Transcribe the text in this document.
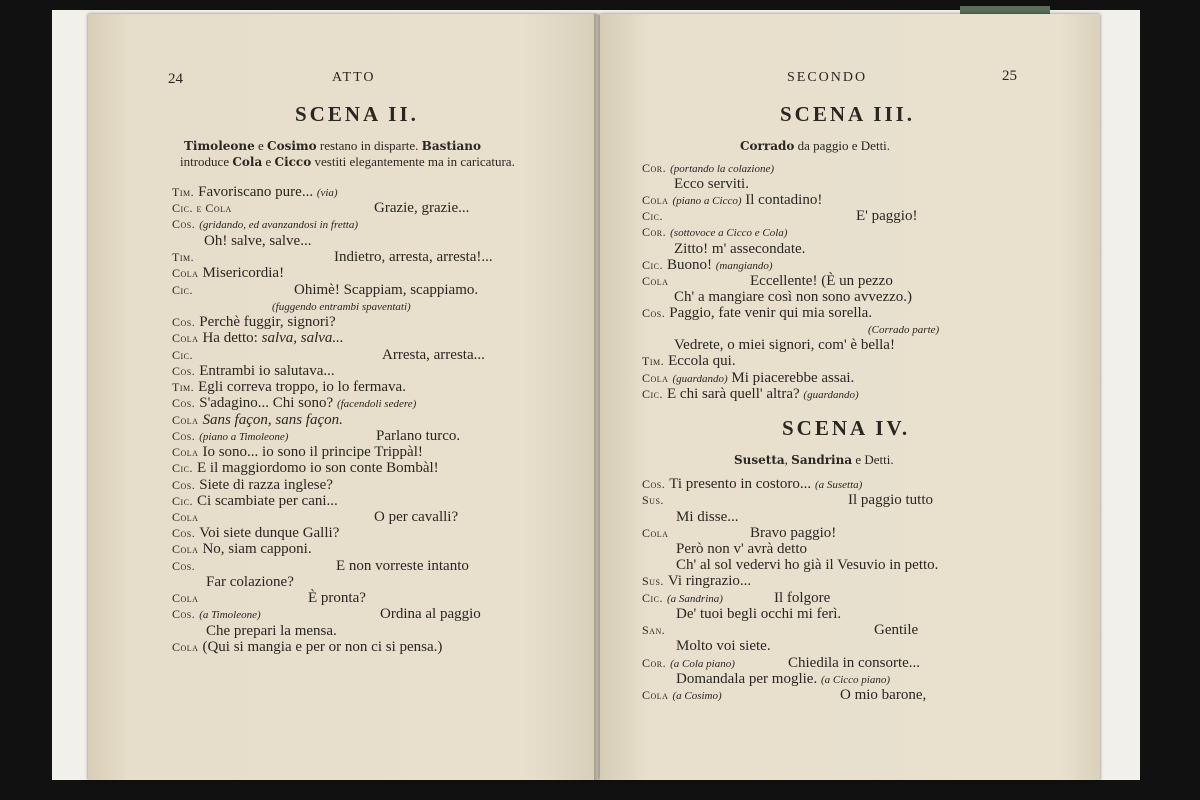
24	ATTO
SCENA II.
Timoleone e Cosimo restano in disparte. Bastiano
introduce Cola e Cicco vestiti elegantemente ma in caricatura.
Tim. Favoriscano pure... (via)
Cic. e Cola	Grazie, grazie...
Cos. (gridando, ed avanzandosi in fretta)
Oh! salve, salve...
Tim.	Indietro, arresta, arresta!...
Cola Misericordia!
Cic.	Ohimè! Scappiam, scappiamo.
(fuggendo entrambi spaventati)
Cos. Perchè fuggir, signori?
Cola Ha detto: salva, salva...
Cic.	Arresta, arresta...
Cos. Entrambi io salutava...
Tim. Egli correva troppo, io lo fermava.
Cos. S'adagino... Chi sono? (facendoli sedere)
Cola Sans façon, sans façon.
Cos. (piano a Timoleone)	Parlano turco.
Cola Io sono... io sono il principe Trippàl!
Cic. E il maggiordomo io son conte Bombàl!
Cos. Siete di razza inglese?
Cic. Ci scambiate per cani...
Cola	O per cavalli?
Cos. Voi siete dunque Galli?
Cola No, siam capponi.
Cos.	E non vorreste intanto
Far colazione?
Cola	È pronta?
Cos. (a Timoleone)	Ordina al paggio
Che prepari la mensa.
Cola (Qui si mangia e per or non ci si pensa.)
SECONDO	25
SCENA III.
Corrado da paggio e Detti.
Cor. (portando la colazione)
Ecco serviti.
Cola (piano a Cicco) Il contadino!
Cic.	E' paggio!
Cor. (sottovoce a Cicco e Cola)
Zitto! m' assecondate.
Cic. Buono! (mangiando)
Cola	Eccellente! (È un pezzo
Ch' a mangiare così non sono avvezzo.)
Cos. Paggio, fate venir qui mia sorella.
(Corrado parte)
Vedrete, o miei signori, com' è bella!
Tim. Eccola qui.
Cola (guardando) Mi piacerebbe assai.
Cic. E chi sarà quell' altra? (guardando)
SCENA IV.
Susetta, Sandrina e Detti.
Cos. Ti presento in costoro... (a Susetta)
Sus.	Il paggio tutto
Mi disse...
Cola	Bravo paggio!
Però non v' avrà detto
Ch' al sol vedervi ho già il Vesuvio in petto.
Sus. Vi ringrazio...
Cic. (a Sandrina)	Il folgore
De' tuoi begli occhi mi ferì.
San.	Gentile
Molto voi siete.
Cor. (a Cola piano)	Chiedila in consorte...
Domandala per moglie. (a Cicco piano)
Cola (a Cosimo)	O mio barone,
